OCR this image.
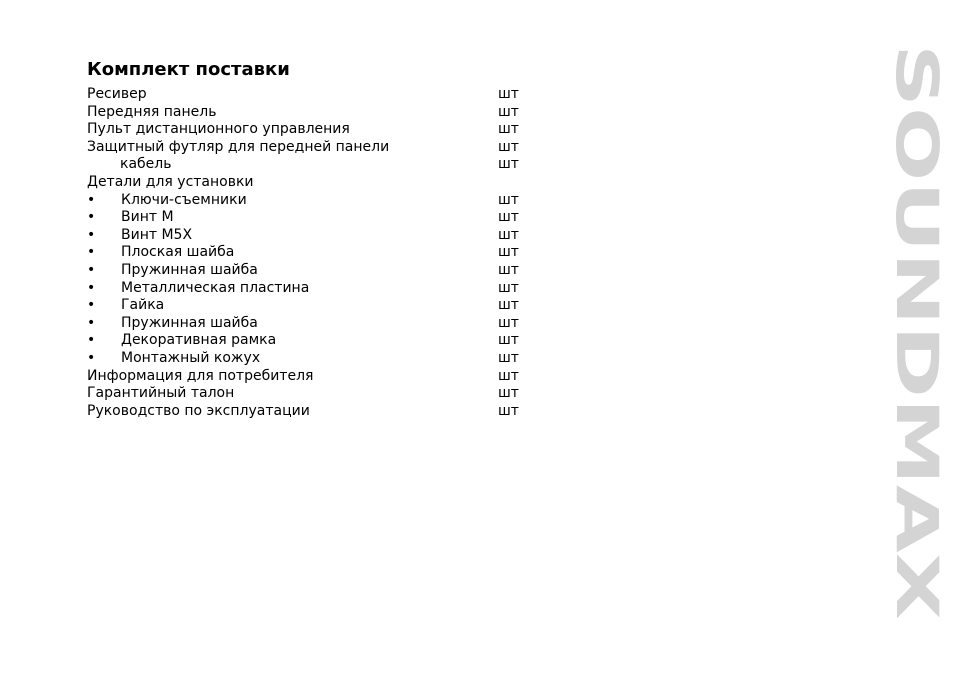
Комплект поставки
Ресивер	шт
Передняя панель	шт
Пульт дистанционного управления	шт
Защитный футляр для передней панели	шт
кабель	шт
Детали для установки
• Ключи-съемники	шт
• Винт М	шт
• Винт М5Х	шт
• Плоская шайба	шт
• Пружинная шайба	шт
• Металлическая пластина	шт
• Гайка	шт
• Пружинная шайба	шт
• Декоративная рамка	шт
• Монтажный кожух	шт
Информация для потребителя	шт
Гарантийный талон	шт
Руководство по эксплуатации	шт	SOUNDMAX
